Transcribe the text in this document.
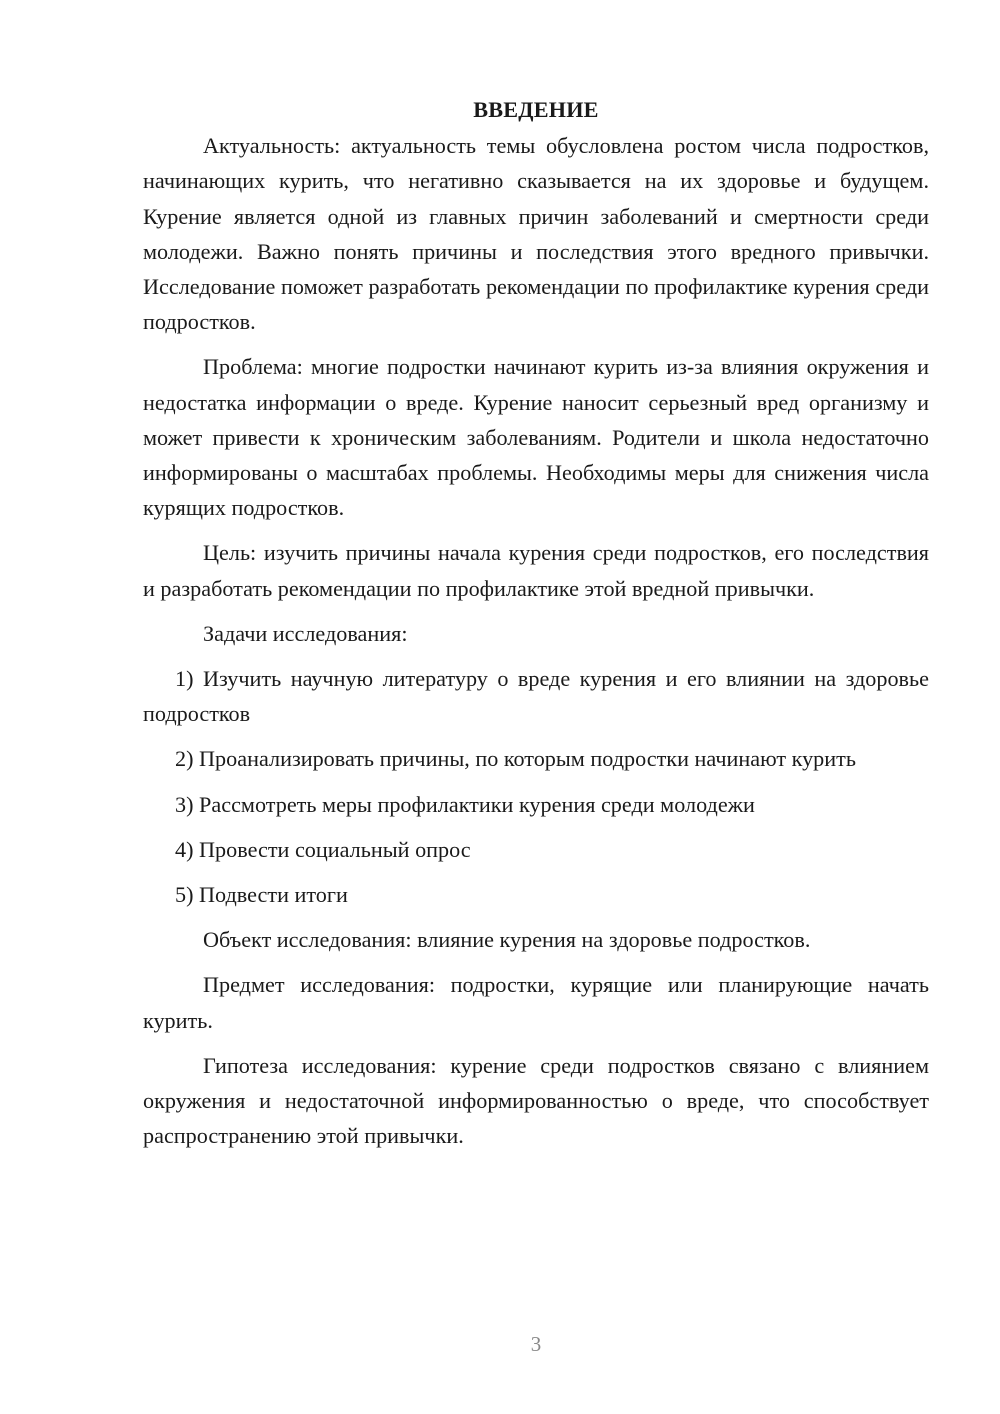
ВВЕДЕНИЕ

Актуальность: актуальность темы обусловлена ростом числа подростков, начинающих курить, что негативно сказывается на их здоровье и будущем. Курение является одной из главных причин заболеваний и смертности среди молодежи. Важно понять причины и последствия этого вредного привычки. Исследование поможет разработать рекомендации по профилактике курения среди подростков.

Проблема: многие подростки начинают курить из-за влияния окружения и недостатка информации о вреде. Курение наносит серьезный вред организму и может привести к хроническим заболеваниям. Родители и школа недостаточно информированы о масштабах проблемы. Необходимы меры для снижения числа курящих подростков.

Цель: изучить причины начала курения среди подростков, его последствия и разработать рекомендации по профилактике этой вредной привычки.

Задачи исследования:

1) Изучить научную литературу о вреде курения и его влиянии на здоровье подростков

2) Проанализировать причины, по которым подростки начинают курить

3) Рассмотреть меры профилактики курения среди молодежи

4) Провести социальный опрос

5) Подвести итоги

Объект исследования: влияние курения на здоровье подростков.

Предмет исследования: подростки, курящие или планирующие начать курить.

Гипотеза исследования: курение среди подростков связано с влиянием окружения и недостаточной информированностью о вреде, что способствует распространению этой привычки.

3
